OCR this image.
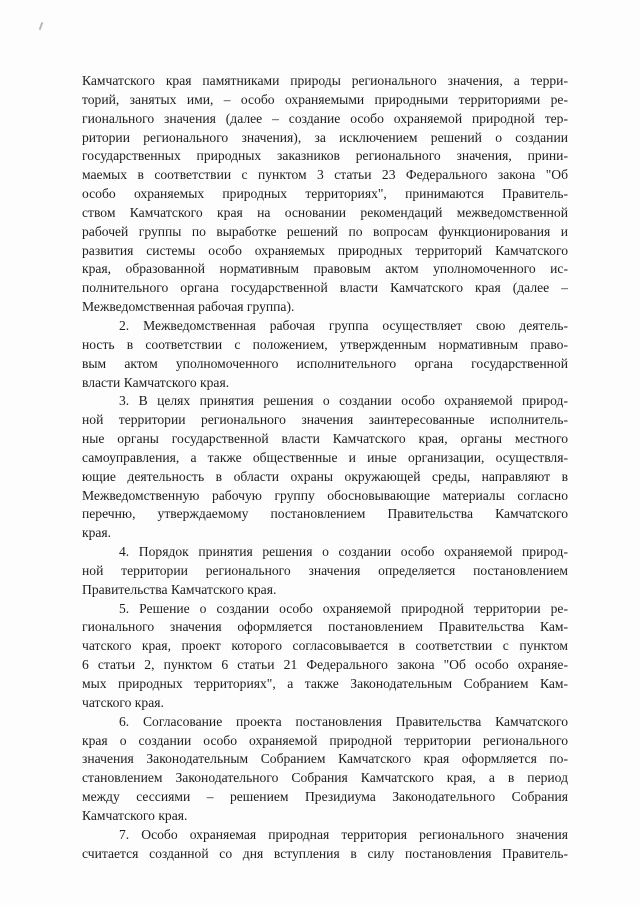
Камчатского края памятниками природы регионального значения, а терри-
торий, занятых ими, – особо охраняемыми природными территориями ре-
гионального значения (далее – создание особо охраняемой природной тер-
ритории регионального значения), за исключением решений о создании
государственных природных заказников регионального значения, прини-
маемых в соответствии с пунктом 3 статьи 23 Федерального закона "Об
особо охраняемых природных территориях", принимаются Правитель-
ством Камчатского края на основании рекомендаций межведомственной
рабочей группы по выработке решений по вопросам функционирования и
развития системы особо охраняемых природных территорий Камчатского
края, образованной нормативным правовым актом уполномоченного ис-
полнительного органа государственной власти Камчатского края (далее –
Межведомственная рабочая группа).
2. Межведомственная рабочая группа осуществляет свою деятель-
ность в соответствии с положением, утвержденным нормативным право-
вым актом уполномоченного исполнительного органа государственной
власти Камчатского края.
3. В целях принятия решения о создании особо охраняемой природ-
ной территории регионального значения заинтересованные исполнитель-
ные органы государственной власти Камчатского края, органы местного
самоуправления, а также общественные и иные организации, осуществля-
ющие деятельность в области охраны окружающей среды, направляют в
Межведомственную рабочую группу обосновывающие материалы согласно
перечню, утверждаемому постановлением Правительства Камчатского
края.
4. Порядок принятия решения о создании особо охраняемой природ-
ной территории регионального значения определяется постановлением
Правительства Камчатского края.
5. Решение о создании особо охраняемой природной территории ре-
гионального значения оформляется постановлением Правительства Кам-
чатского края, проект которого согласовывается в соответствии с пунктом
6 статьи 2, пунктом 6 статьи 21 Федерального закона "Об особо охраняе-
мых природных территориях", а также Законодательным Собранием Кам-
чатского края.
6. Согласование проекта постановления Правительства Камчатского
края о создании особо охраняемой природной территории регионального
значения Законодательным Собранием Камчатского края оформляется по-
становлением Законодательного Собрания Камчатского края, а в период
между сессиями – решением Президиума Законодательного Собрания
Камчатского края.
7. Особо охраняемая природная территория регионального значения
считается созданной со дня вступления в силу постановления Правитель-
